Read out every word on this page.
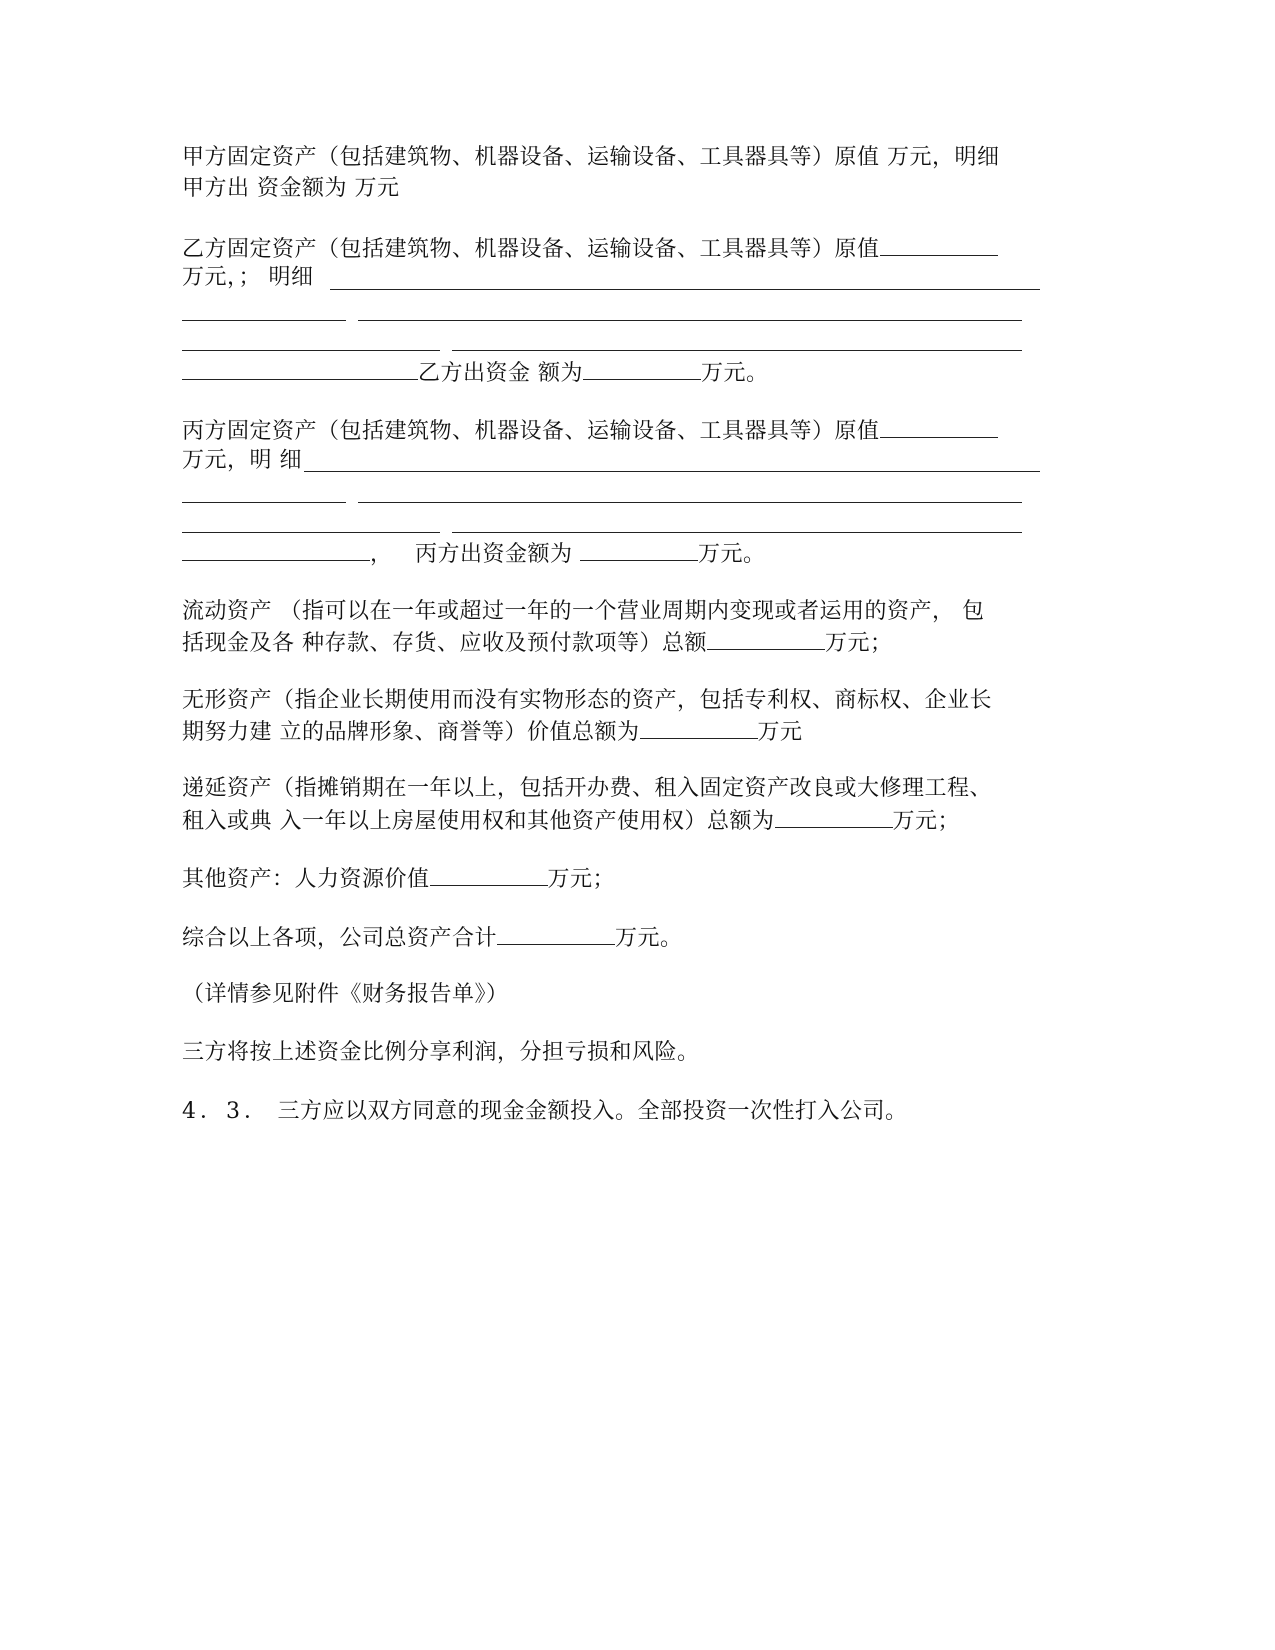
甲方固定资产（包括建筑物、机器设备、运输设备、工具器具等）原值 万元，明细
甲方出 资金额为 万元
乙方固定资产（包括建筑物、机器设备、运输设备、工具器具等）原值
万元，； 明细
乙方出资金 额为	万元。
丙方固定资产（包括建筑物、机器设备、运输设备、工具器具等）原值
万元，明 细
， 丙方出资金额为	万元。
流动资产 （指可以在一年或超过一年的一个营业周期内变现或者运用的资产， 包
括现金及各 种存款、存货、应收及预付款项等）总额	万元；
无形资产（指企业长期使用而没有实物形态的资产，包括专利权、商标权、企业长
期努力建 立的品牌形象、商誉等）价值总额为	万元
递延资产（指摊销期在一年以上，包括开办费、租入固定资产改良或大修理工程、
租入或典 入一年以上房屋使用权和其他资产使用权）总额为	万元；
其他资产：人力资源价值	万元；
综合以上各项，公司总资产合计	万元。
（详情参见附件《财务报告单》）
三方将按上述资金比例分享利润，分担亏损和风险。
4．3． 三方应以双方同意的现金金额投入。全部投资一次性打入公司。
